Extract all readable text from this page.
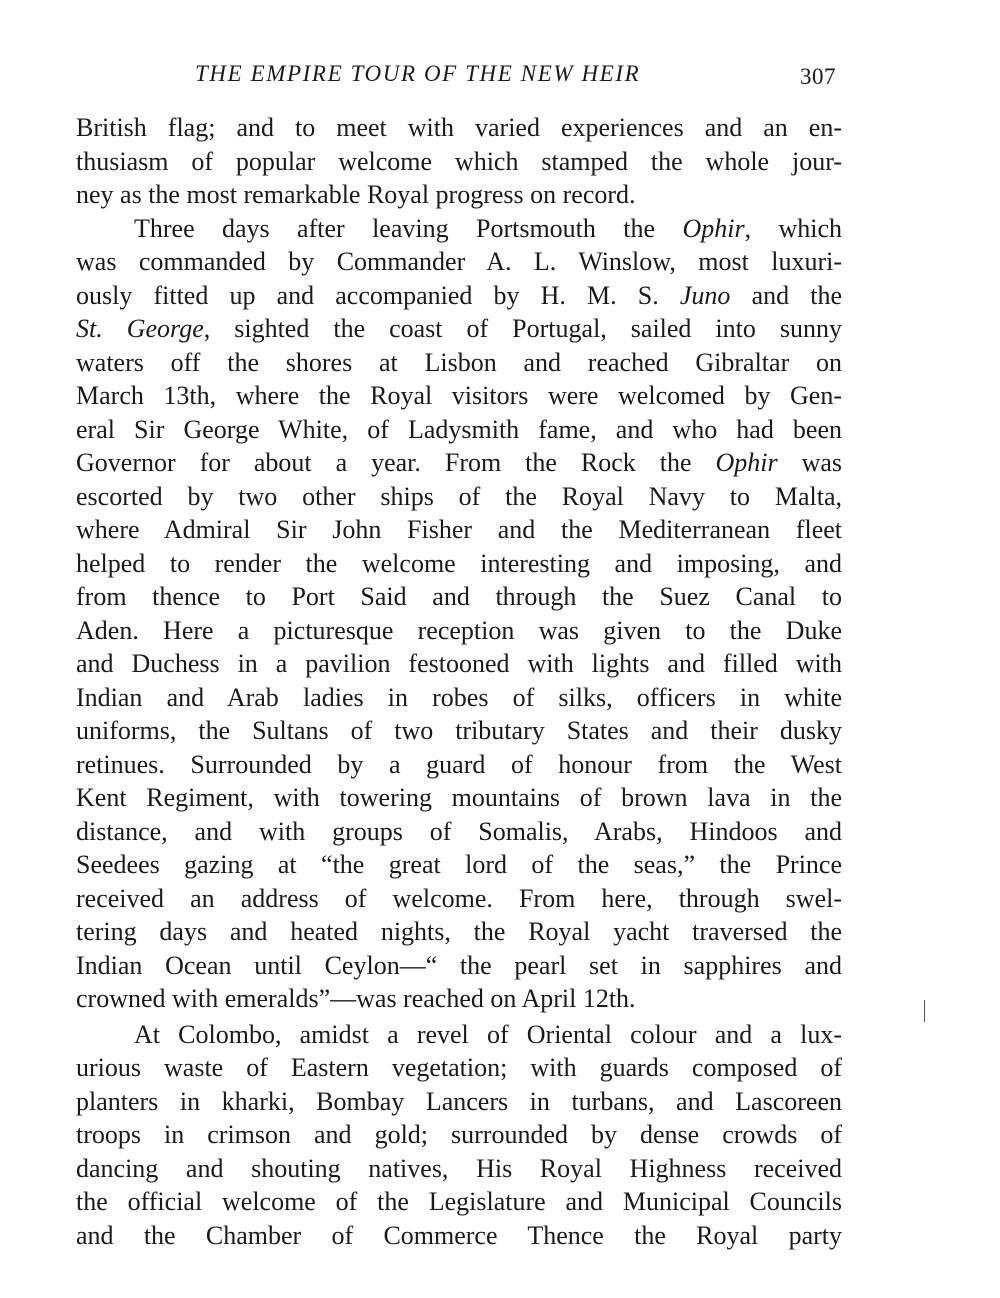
THE EMPIRE TOUR OF THE NEW HEIR	307
British flag; and to meet with varied experiences and an en-
thusiasm of popular welcome which stamped the whole jour-
ney as the most remarkable Royal progress on record.
Three days after leaving Portsmouth the Ophir, which
was commanded by Commander A. L. Winslow, most luxuri-
ously fitted up and accompanied by H. M. S. Juno and the
St. George, sighted the coast of Portugal, sailed into sunny
waters off the shores at Lisbon and reached Gibraltar on
March 13th, where the Royal visitors were welcomed by Gen-
eral Sir George White, of Ladysmith fame, and who had been
Governor for about a year. From the Rock the Ophir was
escorted by two other ships of the Royal Navy to Malta,
where Admiral Sir John Fisher and the Mediterranean fleet
helped to render the welcome interesting and imposing, and
from thence to Port Said and through the Suez Canal to
Aden. Here a picturesque reception was given to the Duke
and Duchess in a pavilion festooned with lights and filled with
Indian and Arab ladies in robes of silks, officers in white
uniforms, the Sultans of two tributary States and their dusky
retinues. Surrounded by a guard of honour from the West
Kent Regiment, with towering mountains of brown lava in the
distance, and with groups of Somalis, Arabs, Hindoos and
Seedees gazing at “the great lord of the seas,” the Prince
received an address of welcome. From here, through swel-
tering days and heated nights, the Royal yacht traversed the
Indian Ocean until Ceylon—“ the pearl set in sapphires and
crowned with emeralds”—was reached on April 12th.
At Colombo, amidst a revel of Oriental colour and a lux-
urious waste of Eastern vegetation; with guards composed of
planters in kharki, Bombay Lancers in turbans, and Lascoreen
troops in crimson and gold; surrounded by dense crowds of
dancing and shouting natives, His Royal Highness received
the official welcome of the Legislature and Municipal Councils
and the Chamber of Commerce Thence the Royal party
